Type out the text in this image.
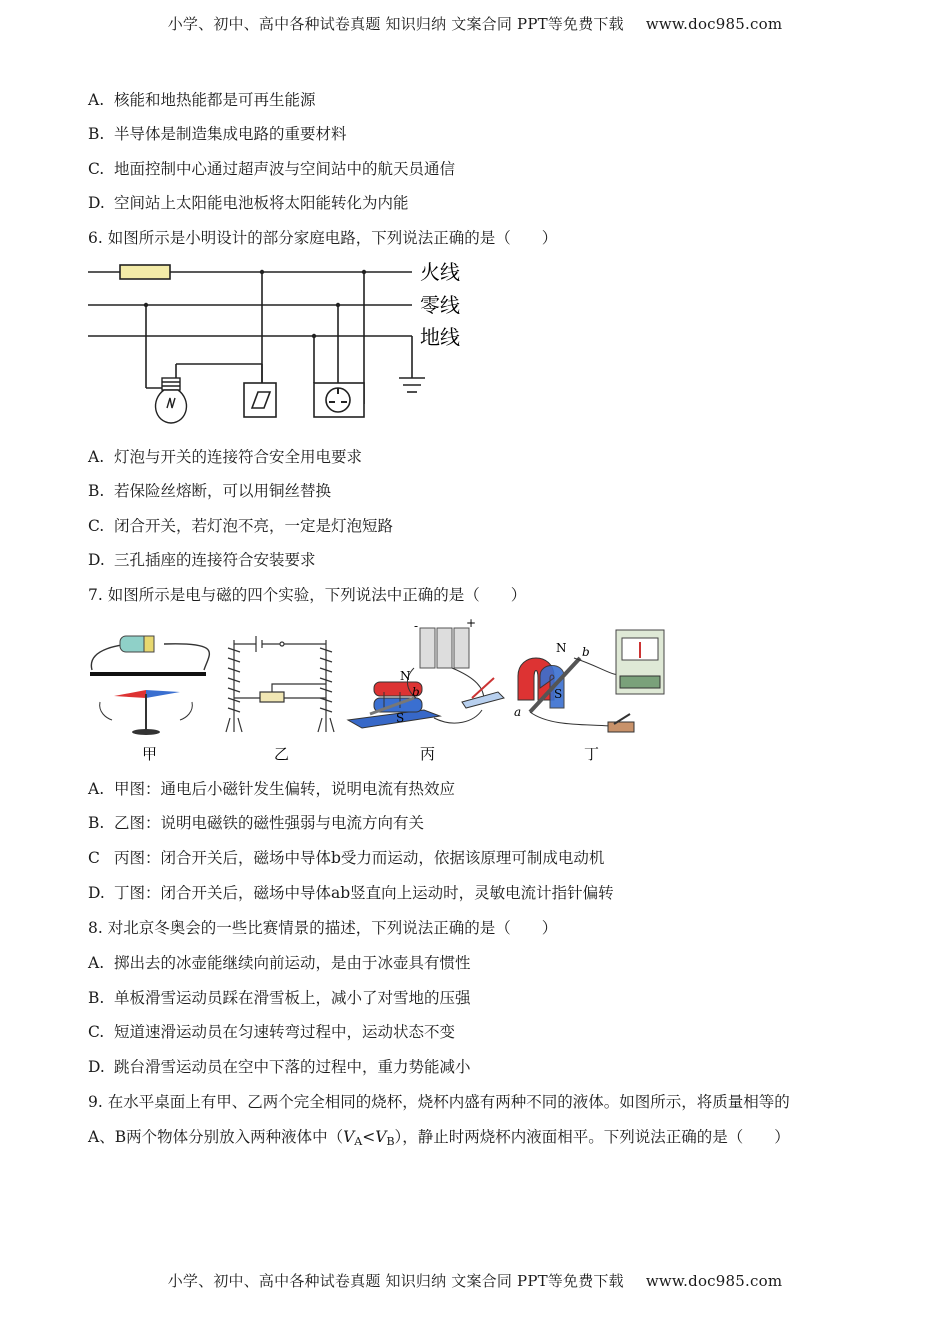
小学、初中、高中各种试卷真题 知识归纳 文案合同 PPT等免费下载 www.doc985.com
小学、初中、高中各种试卷真题 知识归纳 文案合同 PPT等免费下载 www.doc985.com
A. 核能和地热能都是可再生能源
B. 半导体是制造集成电路的重要材料
C. 地面控制中心通过超声波与空间站中的航天员通信
D. 空间站上太阳能电池板将太阳能转化为内能
6. 如图所示是小明设计的部分家庭电路，下列说法正确的是（　　）
火线
零线
地线
A. 灯泡与开关的连接符合安全用电要求
B. 若保险丝熔断，可以用铜丝替换
C. 闭合开关，若灯泡不亮，一定是灯泡短路
D. 三孔插座的连接符合安装要求
7. 如图所示是电与磁的四个实验，下列说法中正确的是（　　）
甲	乙
-	+
N
b
S
丙
N b
a
S
丁
A. 甲图：通电后小磁针发生偏转，说明电流有热效应
B. 乙图：说明电磁铁的磁性强弱与电流方向有关
C 丙图：闭合开关后，磁场中导体b受力而运动，依据该原理可制成电动机
D. 丁图：闭合开关后，磁场中导体ab竖直向上运动时，灵敏电流计指针偏转
8. 对北京冬奥会的一些比赛情景的描述，下列说法正确的是（　　）
A. 掷出去的冰壶能继续向前运动，是由于冰壶具有惯性
B. 单板滑雪运动员踩在滑雪板上，减小了对雪地的压强
C. 短道速滑运动员在匀速转弯过程中，运动状态不变
D. 跳台滑雪运动员在空中下落的过程中，重力势能减小
9. 在水平桌面上有甲、乙两个完全相同的烧杯，烧杯内盛有两种不同的液体。如图所示，将质量相等的
A、B两个物体分别放入两种液体中$(V_A<V_B)$，静止时两烧杯内液面相平。下列说法正确的是（　　）
